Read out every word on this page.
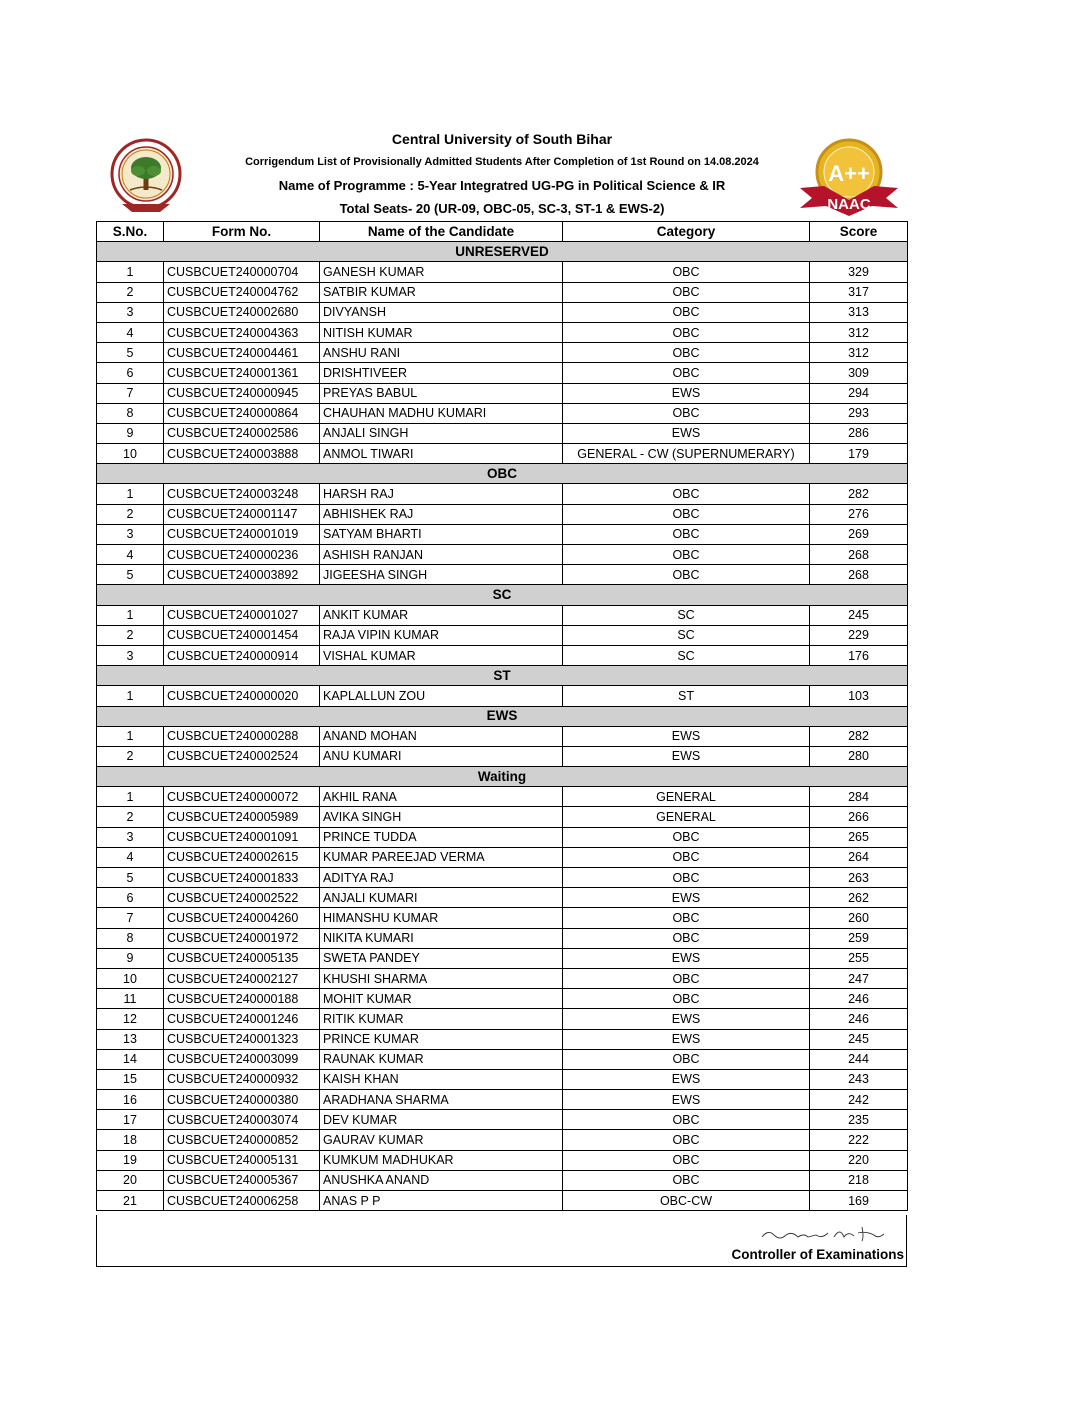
A++
NAAC
Central University of South Bihar
Corrigendum List of Provisionally Admitted Students After Completion of 1st Round on 14.08.2024
Name of Programme : 5-Year Integratred UG-PG in Political Science & IR
Total Seats- 20 (UR-09, OBC-05, SC-3, ST-1 & EWS-2)
S.No.	Form No.	Name of the Candidate	Category	Score
UNRESERVED				
1	CUSBCUET240000704	GANESH KUMAR	OBC	329
2	CUSBCUET240004762	SATBIR KUMAR	OBC	317
3	CUSBCUET240002680	DIVYANSH	OBC	313
4	CUSBCUET240004363	NITISH KUMAR	OBC	312
5	CUSBCUET240004461	ANSHU RANI	OBC	312
6	CUSBCUET240001361	DRISHTIVEER	OBC	309
7	CUSBCUET240000945	PREYAS BABUL	EWS	294
8	CUSBCUET240000864	CHAUHAN MADHU KUMARI	OBC	293
9	CUSBCUET240002586	ANJALI SINGH	EWS	286
10	CUSBCUET240003888	ANMOL TIWARI	GENERAL - CW (SUPERNUMERARY)	179
OBC				
1	CUSBCUET240003248	HARSH RAJ	OBC	282
2	CUSBCUET240001147	ABHISHEK RAJ	OBC	276
3	CUSBCUET240001019	SATYAM BHARTI	OBC	269
4	CUSBCUET240000236	ASHISH RANJAN	OBC	268
5	CUSBCUET240003892	JIGEESHA SINGH	OBC	268
SC				
1	CUSBCUET240001027	ANKIT KUMAR	SC	245
2	CUSBCUET240001454	RAJA VIPIN KUMAR	SC	229
3	CUSBCUET240000914	VISHAL KUMAR	SC	176
ST				
1	CUSBCUET240000020	KAPLALLUN ZOU	ST	103
EWS				
1	CUSBCUET240000288	ANAND MOHAN	EWS	282
2	CUSBCUET240002524	ANU KUMARI	EWS	280
Waiting				
1	CUSBCUET240000072	AKHIL RANA	GENERAL	284
2	CUSBCUET240005989	AVIKA SINGH	GENERAL	266
3	CUSBCUET240001091	PRINCE TUDDA	OBC	265
4	CUSBCUET240002615	KUMAR PAREEJAD VERMA	OBC	264
5	CUSBCUET240001833	ADITYA RAJ	OBC	263
6	CUSBCUET240002522	ANJALI KUMARI	EWS	262
7	CUSBCUET240004260	HIMANSHU KUMAR	OBC	260
8	CUSBCUET240001972	NIKITA KUMARI	OBC	259
9	CUSBCUET240005135	SWETA PANDEY	EWS	255
10	CUSBCUET240002127	KHUSHI SHARMA	OBC	247
11	CUSBCUET240000188	MOHIT KUMAR	OBC	246
12	CUSBCUET240001246	RITIK KUMAR	EWS	246
13	CUSBCUET240001323	PRINCE KUMAR	EWS	245
14	CUSBCUET240003099	RAUNAK KUMAR	OBC	244
15	CUSBCUET240000932	KAISH KHAN	EWS	243
16	CUSBCUET240000380	ARADHANA SHARMA	EWS	242
17	CUSBCUET240003074	DEV KUMAR	OBC	235
18	CUSBCUET240000852	GAURAV KUMAR	OBC	222
19	CUSBCUET240005131	KUMKUM MADHUKAR	OBC	220
20	CUSBCUET240005367	ANUSHKA ANAND	OBC	218
21	CUSBCUET240006258	ANAS P P	OBC-CW	169
Controller of Examinations
